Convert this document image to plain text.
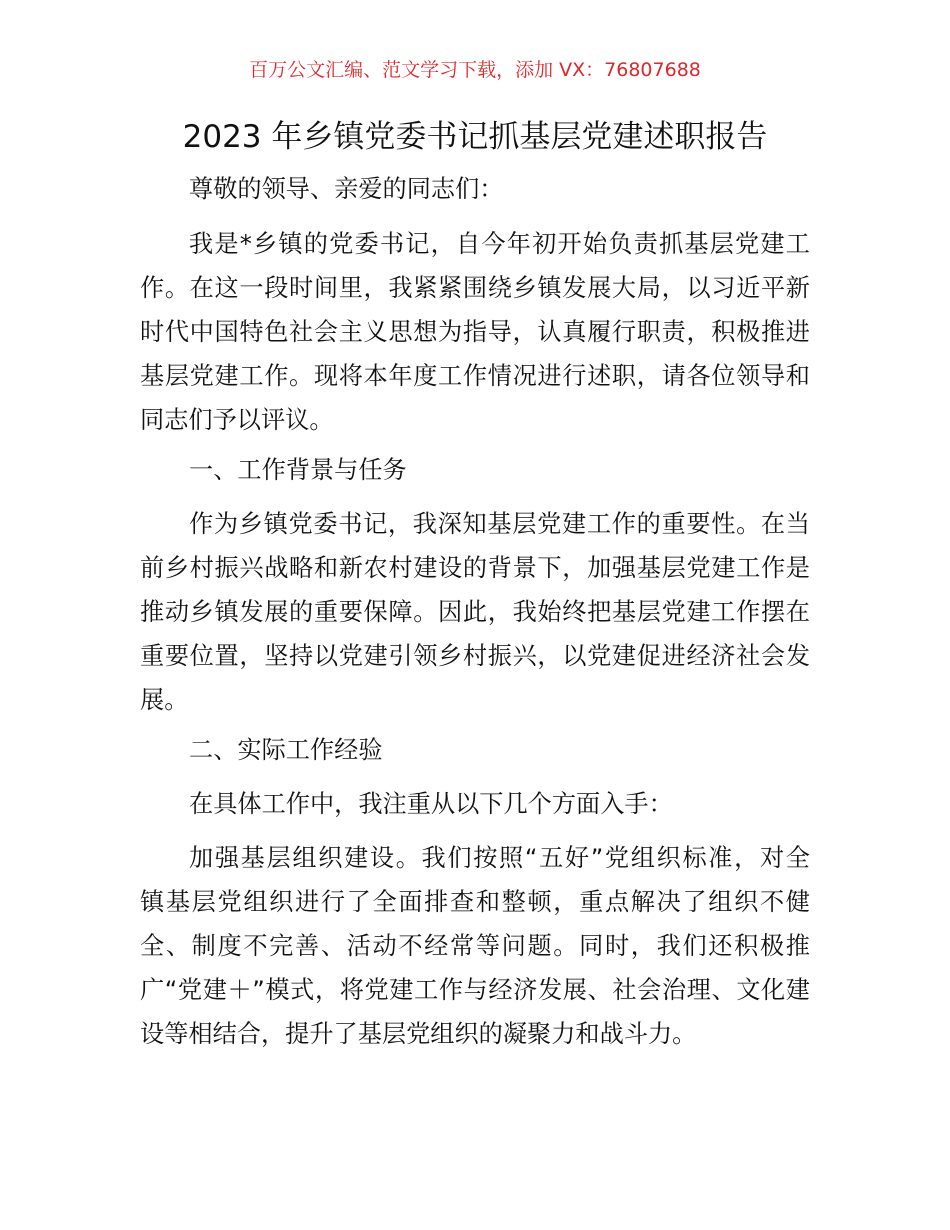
百万公文汇编、范文学习下载，添加 VX：76807688
2023 年乡镇党委书记抓基层党建述职报告
尊敬的领导、亲爱的同志们：
我是*乡镇的党委书记，自今年初开始负责抓基层党建工
作。在这一段时间里，我紧紧围绕乡镇发展大局，以习近平新
时代中国特色社会主义思想为指导，认真履行职责，积极推进
基层党建工作。现将本年度工作情况进行述职，请各位领导和
同志们予以评议。
一、工作背景与任务
作为乡镇党委书记，我深知基层党建工作的重要性。在当
前乡村振兴战略和新农村建设的背景下，加强基层党建工作是
推动乡镇发展的重要保障。因此，我始终把基层党建工作摆在
重要位置，坚持以党建引领乡村振兴，以党建促进经济社会发
展。
二、实际工作经验
在具体工作中，我注重从以下几个方面入手：
加强基层组织建设。我们按照“五好”党组织标准，对全
镇基层党组织进行了全面排查和整顿，重点解决了组织不健
全、制度不完善、活动不经常等问题。同时，我们还积极推
广“党建＋”模式，将党建工作与经济发展、社会治理、文化建
设等相结合，提升了基层党组织的凝聚力和战斗力。
